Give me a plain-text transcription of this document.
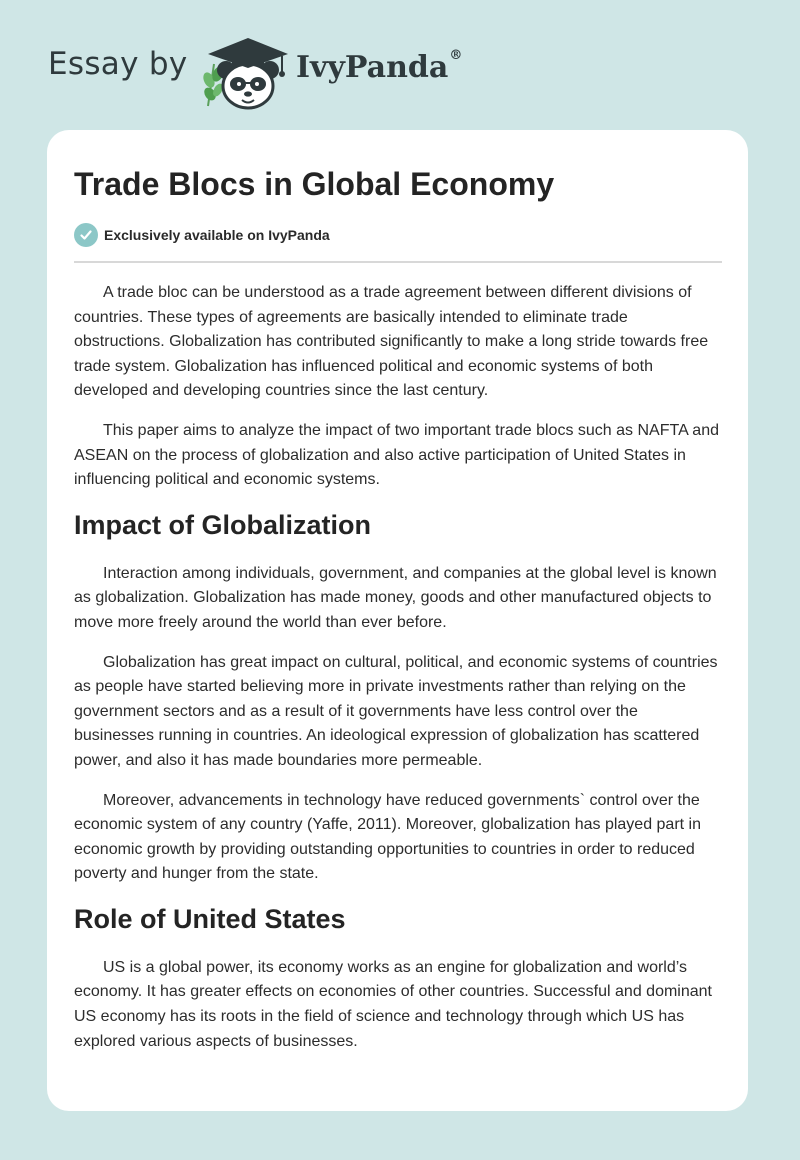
Essay by	IvyPanda®
Trade Blocs in Global Economy
Exclusively available on IvyPanda

A trade bloc can be understood as a trade agreement between different divisions of countries. These types of agreements are basically intended to eliminate trade obstructions. Globalization has contributed significantly to make a long stride towards free trade system. Globalization has influenced political and economic systems of both developed and developing countries since the last century.

This paper aims to analyze the impact of two important trade blocs such as NAFTA and ASEAN on the process of globalization and also active participation of United States in influencing political and economic systems.

Impact of Globalization

Interaction among individuals, government, and companies at the global level is known as globalization. Globalization has made money, goods and other manufactured objects to move more freely around the world than ever before.

Globalization has great impact on cultural, political, and economic systems of countries as people have started believing more in private investments rather than relying on the government sectors and as a result of it governments have less control over the businesses running in countries. An ideological expression of globalization has scattered power, and also it has made boundaries more permeable.

Moreover, advancements in technology have reduced governments` control over the economic system of any country (Yaffe, 2011). Moreover, globalization has played part in economic growth by providing outstanding opportunities to countries in order to reduced poverty and hunger from the state.

Role of United States

US is a global power, its economy works as an engine for globalization and world’s economy. It has greater effects on economies of other countries. Successful and dominant US economy has its roots in the field of science and technology through which US has explored various aspects of businesses.
